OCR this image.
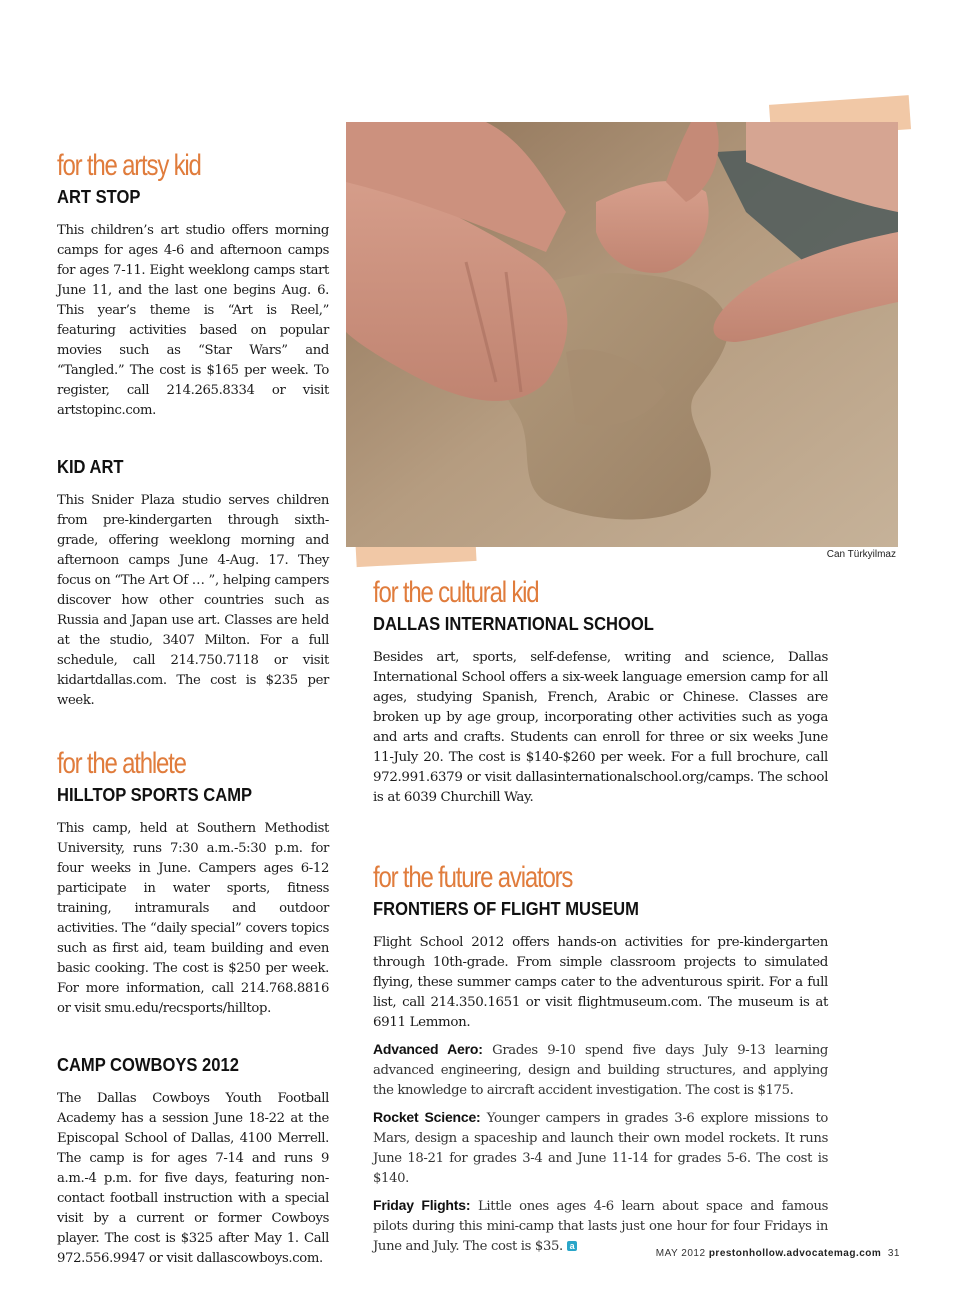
Can Türkyilmaz
for the artsy kid
ART STOP

This children’s art studio offers morning camps for ages 4-6 and afternoon camps for ages 7-11. Eight weeklong camps start June 11, and the last one begins Aug. 6. This year’s theme is “Art is Reel,” featuring activities based on popular movies such as “Star Wars” and “Tangled.” The cost is $165 per week. To register, call 214.265.8334 or visit artstopinc.com.

KID ART

This Snider Plaza studio serves children from pre-kindergarten through sixth-grade, offering weeklong morning and afternoon camps June 4-Aug. 17. They focus on “The Art Of … ”, helping campers discover how other countries such as Russia and Japan use art. Classes are held at the studio, 3407 Milton. For a full schedule, call 214.750.7118 or visit kidartdallas.com. The cost is $235 per week.

for the athlete
HILLTOP SPORTS CAMP

This camp, held at Southern Methodist University, runs 7:30 a.m.-5:30 p.m. for four weeks in June. Campers ages 6-12 participate in water sports, fitness training, intramurals and outdoor activities. The “daily special” covers topics such as first aid, team building and even basic cooking. The cost is $250 per week. For more information, call 214.768.8816 or visit smu.edu/recsports/hilltop.

CAMP COWBOYS 2012

The Dallas Cowboys Youth Football Academy has a session June 18-22 at the Episcopal School of Dallas, 4100 Merrell. The camp is for ages 7-14 and runs 9 a.m.-4 p.m. for five days, featuring non-contact football instruction with a special visit by a current or former Cowboys player. The cost is $325 after May 1. Call 972.556.9947 or visit dallascowboys.com.

for the cultural kid
DALLAS INTERNATIONAL SCHOOL

Besides art, sports, self-defense, writing and science, Dallas International School offers a six-week language emersion camp for all ages, studying Spanish, French, Arabic or Chinese. Classes are broken up by age group, incorporating other activities such as yoga and arts and crafts. Students can enroll for three or six weeks June 11-July 20. The cost is $140-$260 per week. For a full brochure, call 972.991.6379 or visit dallasinternationalschool.org/camps. The school is at 6039 Churchill Way.

for the future aviators
FRONTIERS OF FLIGHT MUSEUM

Flight School 2012 offers hands-on activities for pre-kindergarten through 10th-grade. From simple classroom projects to simulated flying, these summer camps cater to the adventurous spirit. For a full list, call 214.350.1651 or visit flightmuseum.com. The museum is at 6911 Lemmon.

Advanced Aero: Grades 9-10 spend five days July 9-13 learning advanced engineering, design and building structures, and applying the knowledge to aircraft accident investigation. The cost is $175.

Rocket Science: Younger campers in grades 3-6 explore missions to Mars, design a spaceship and launch their own model rockets. It runs June 18-21 for grades 3-4 and June 11-14 for grades 5-6. The cost is $140.

Friday Flights: Little ones ages 4-6 learn about space and famous pilots during this mini-camp that lasts just one hour for four Fridays in June and July. The cost is $35. a

MAY 2012 prestonhollow.advocatemag.com 31
